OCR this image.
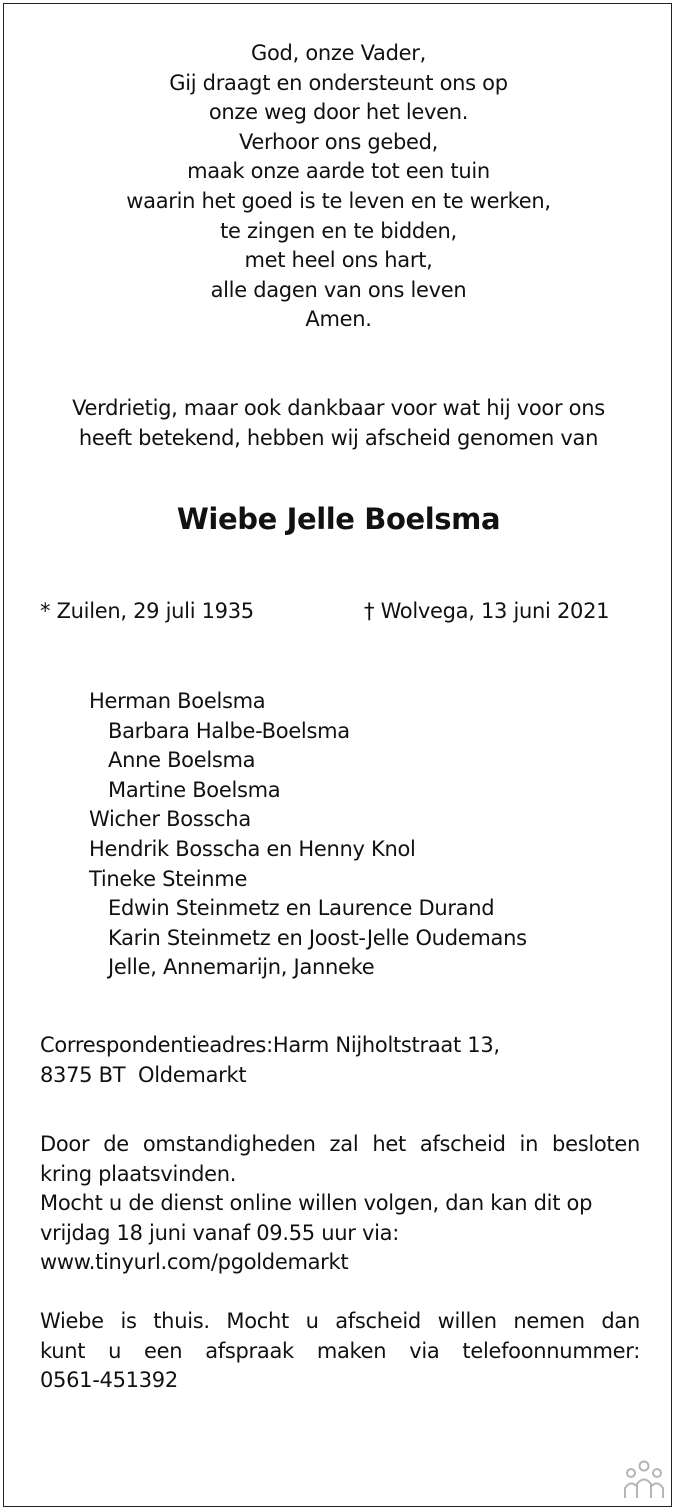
God, onze Vader,
Gij draagt en ondersteunt ons op
onze weg door het leven.
Verhoor ons gebed,
maak onze aarde tot een tuin
waarin het goed is te leven en te werken,
te zingen en te bidden,
met heel ons hart,
alle dagen van ons leven
Amen.
Verdrietig, maar ook dankbaar voor wat hij voor ons
heeft betekend, hebben wij afscheid genomen van
Wiebe Jelle Boelsma
* Zuilen, 29 juli 1935	† Wolvega, 13 juni 2021
Herman Boelsma
Barbara Halbe-Boelsma
Anne Boelsma
Martine Boelsma
Wicher Bosscha
Hendrik Bosscha en Henny Knol
Tineke Steinme
Edwin Steinmetz en Laurence Durand
Karin Steinmetz en Joost-Jelle Oudemans
Jelle, Annemarijn, Janneke
Correspondentieadres:Harm Nijholtstraat 13,
8375 BT  Oldemarkt
Door de omstandigheden zal het afscheid in besloten
kring plaatsvinden.
Mocht u de dienst online willen volgen, dan kan dit op
vrijdag 18 juni vanaf 09.55 uur via:
www.tinyurl.com/pgoldemarkt
Wiebe is thuis. Mocht u afscheid willen nemen dan
kunt u een afspraak maken via telefoonnummer:
0561-451392
